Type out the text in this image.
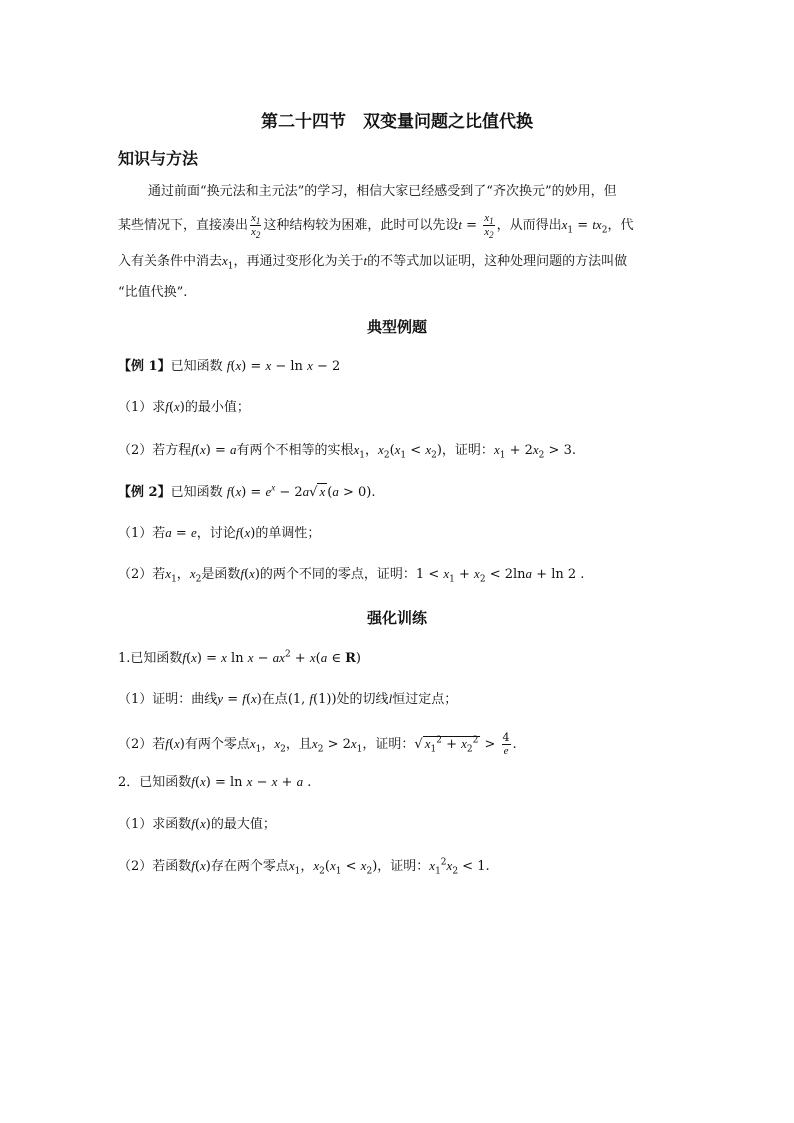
第二十四节　双变量问题之比值代换
知识与方法
通过前面“换元法和主元法”的学习，相信大家已经感受到了“齐次换元”的妙用，但
某些情况下，直接凑出 $\frac{x_1}{x_2}$ 这种结构较为困难，此时可以先设$t = \frac{x_1}{x_2}$ ，从而得出$x_1 = tx_2$，代
入有关条件中消去$x_1$，再通过变形化为关于t的不等式加以证明，这种处理问题的方法叫做
“比值代换”.
典型例题
【例 1】已知函数 f(x) = x − ln x − 2
（1）求f(x)的最小值；
（2）若方程f(x) = a有两个不相等的实根$x_1$，$x_2(x_1 < x_2)$，证明：$x_1 + 2x_2 > 3$.
【例 2】已知函数 $f(x) = e^x - 2a√$ x (a > 0).
（1）若a = e，讨论f(x)的单调性；
（2）若$x_1$，$x_2$是函数f(x)的两个不同的零点，证明：$1 < x_1 + x_2 < 2\ln a + \ln 2$ .
强化训练
1.已知函数f(x) = x $\ln x - ax^2 + x(a$ ∈ R)
（1）证明：曲线y = f(x)在点(1, f(1))处的切线l恒过定点；
（2）若f(x)有两个零点$x_1$，$x_2$，且$x_2 > 2x_1$，证明：√ $x_1^2 + x_2^2 > \frac{4}{e}$ .
2．已知函数f(x) = ln x − x + a .
（1）求函数f(x)的最大值；
（2）若函数f(x)存在两个零点$x_1$，$x_2(x_1 < x_2)$，证明：$x_1^2x_2 < 1$.
